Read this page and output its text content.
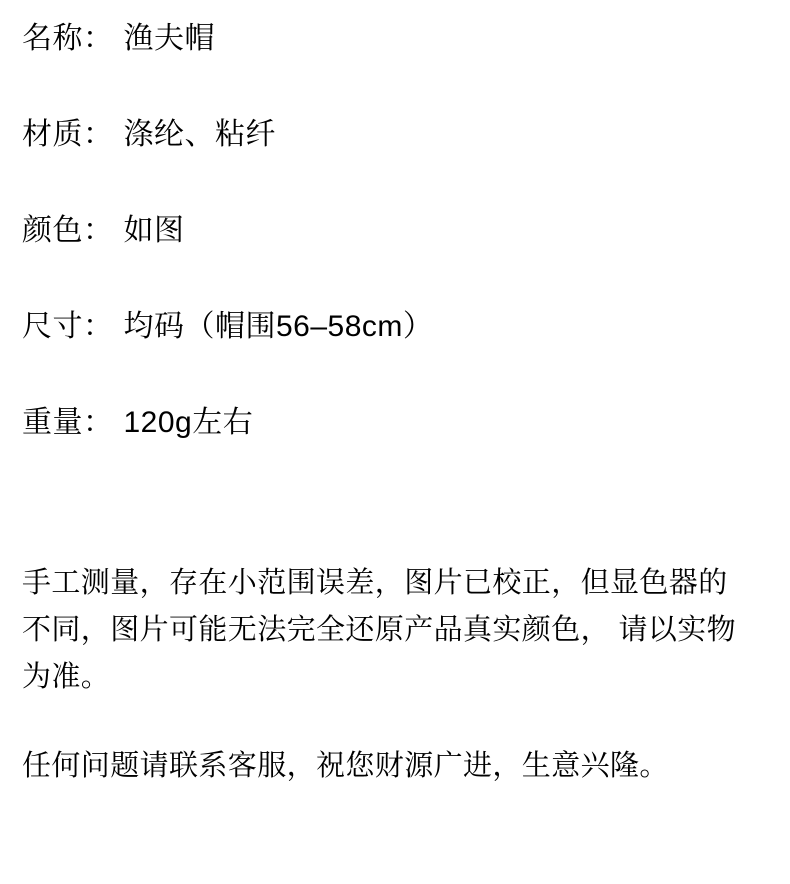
名称： 渔夫帽
材质： 涤纶、粘纤
颜色： 如图
尺寸： 均码（帽围56–58cm）
重量： 120g左右

手工测量，存在小范围误差，图片已校正，但显色器的不同，图片可能无法完全还原产品真实颜色， 请以实物为准。

任何问题请联系客服，祝您财源广进，生意兴隆。
